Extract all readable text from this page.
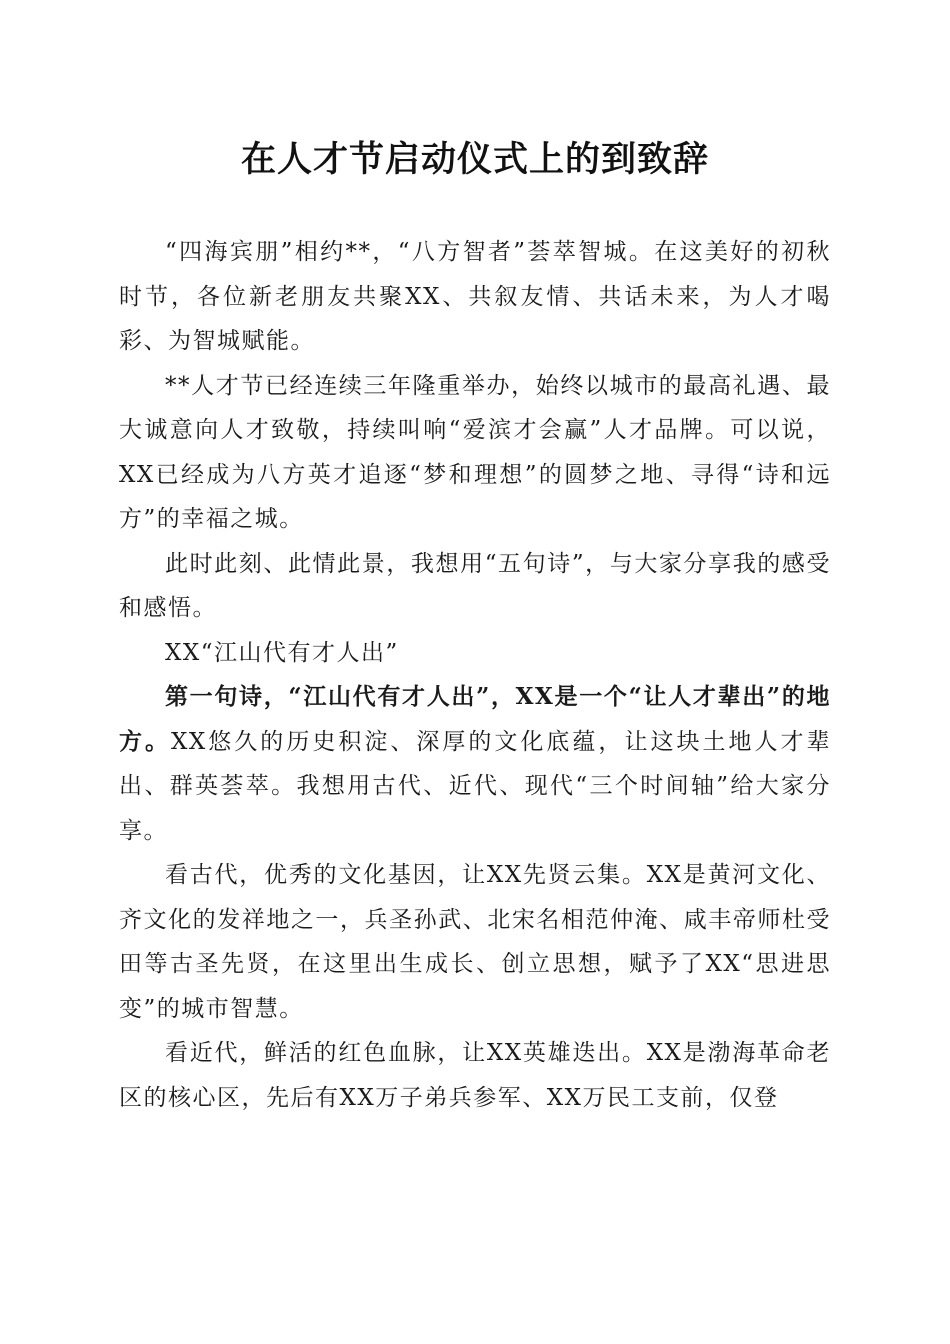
在人才节启动仪式上的到致辞

“四海宾朋”相约**，“八方智者”荟萃智城。在这美好的初秋时节，各位新老朋友共聚XX、共叙友情、共话未来，为人才喝彩、为智城赋能。

**人才节已经连续三年隆重举办，始终以城市的最高礼遇、最大诚意向人才致敬，持续叫响“爱滨才会赢”人才品牌。可以说，XX已经成为八方英才追逐“梦和理想”的圆梦之地、寻得“诗和远方”的幸福之城。

此时此刻、此情此景，我想用“五句诗”，与大家分享我的感受和感悟。

XX“江山代有才人出”

第一句诗，“江山代有才人出”，XX是一个“让人才辈出”的地方。XX悠久的历史积淀、深厚的文化底蕴，让这块土地人才辈出、群英荟萃。我想用古代、近代、现代“三个时间轴”给大家分享。

看古代，优秀的文化基因，让XX先贤云集。XX是黄河文化、齐文化的发祥地之一，兵圣孙武、北宋名相范仲淹、咸丰帝师杜受田等古圣先贤，在这里出生成长、创立思想，赋予了XX“思进思变”的城市智慧。

看近代，鲜活的红色血脉，让XX英雄迭出。XX是渤海革命老区的核心区，先后有XX万子弟兵参军、XX万民工支前，仅登
